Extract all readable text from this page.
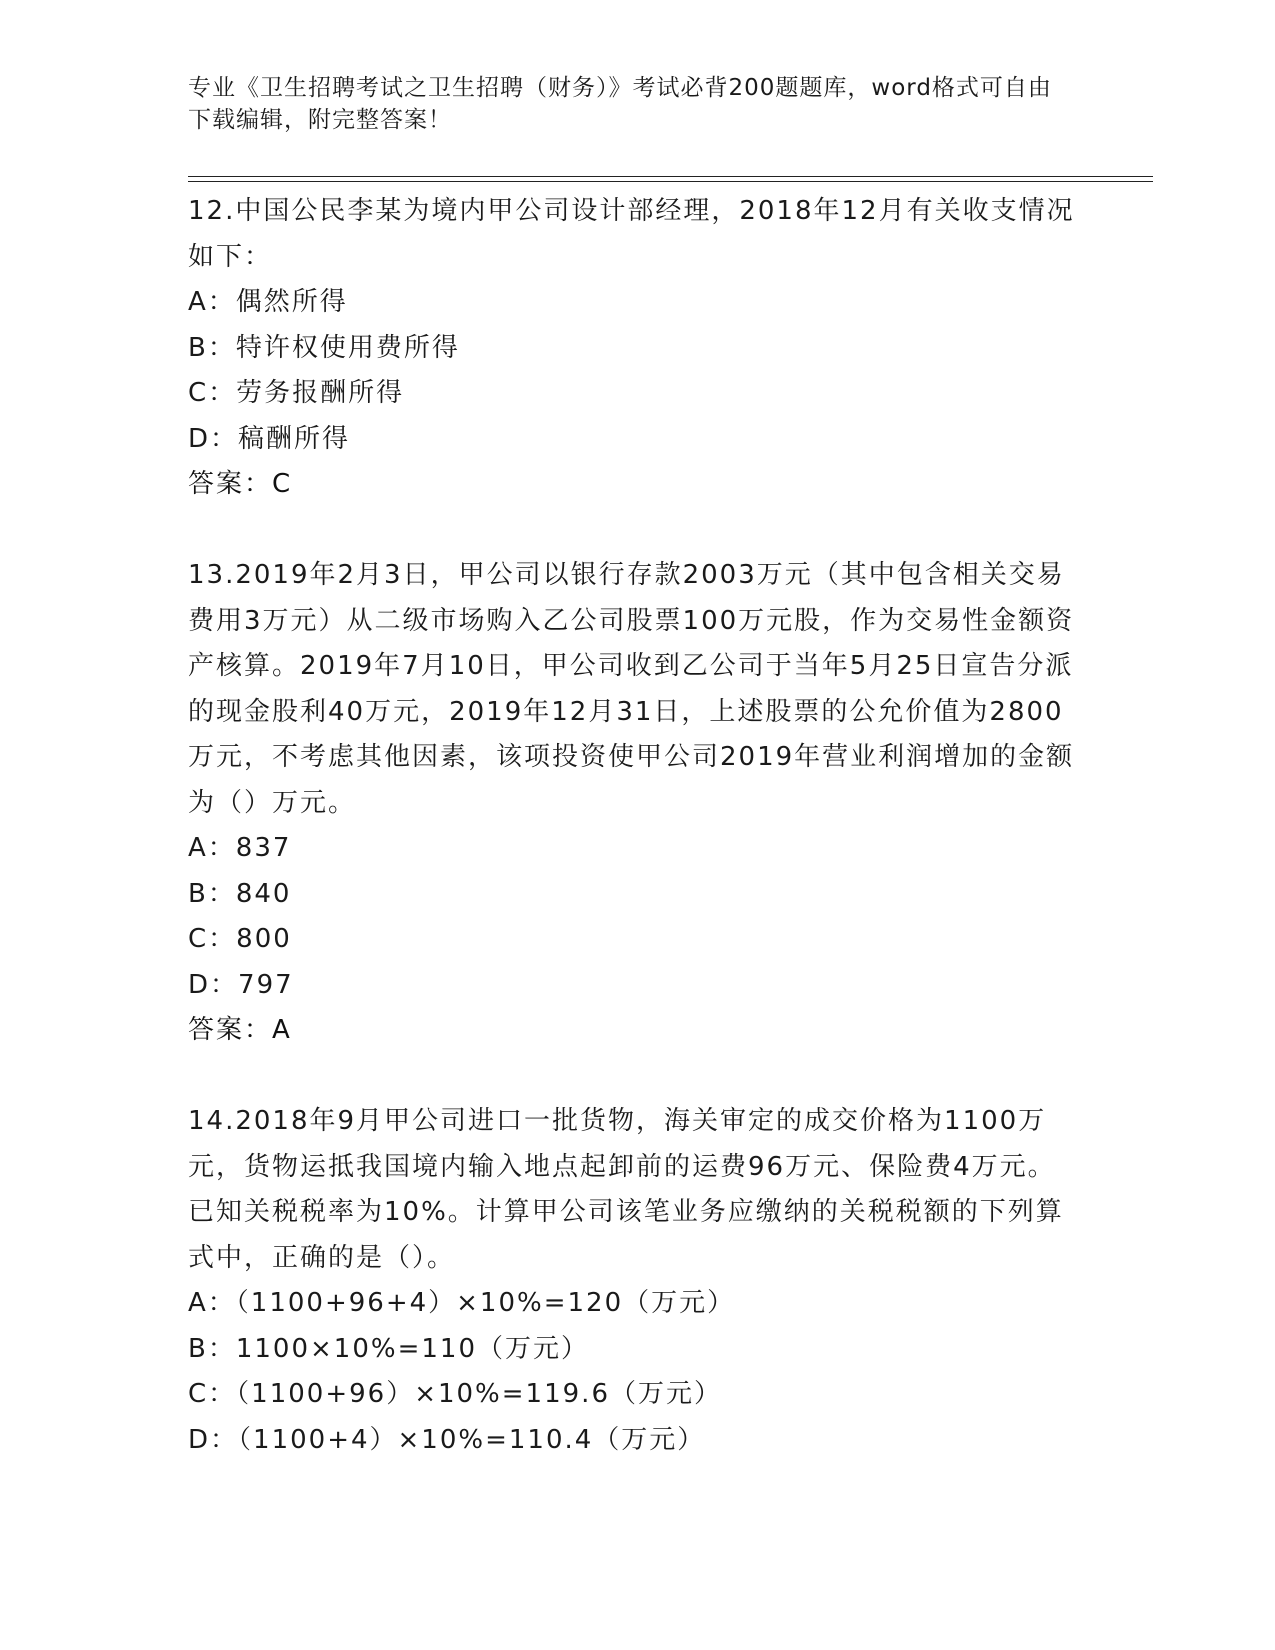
专业《卫生招聘考试之卫生招聘（财务）》考试必背200题题库，word格式可自由下载编辑，附完整答案！

12.中国公民李某为境内甲公司设计部经理，2018年12月有关收支情况如下：

A：偶然所得

B：特许权使用费所得

C：劳务报酬所得

D：稿酬所得

答案：C

13.2019年2月3日，甲公司以银行存款2003万元（其中包含相关交易费用3万元）从二级市场购入乙公司股票100万元股，作为交易性金额资产核算。2019年7月10日，甲公司收到乙公司于当年5月25日宣告分派的现金股利40万元，2019年12月31日，上述股票的公允价值为2800万元，不考虑其他因素，该项投资使甲公司2019年营业利润增加的金额为（）万元。

A：837

B：840

C：800

D：797

答案：A

14.2018年9月甲公司进口一批货物，海关审定的成交价格为1100万元，货物运抵我国境内输入地点起卸前的运费96万元、保险费4万元。已知关税税率为10%。计算甲公司该笔业务应缴纳的关税税额的下列算式中，正确的是（）。

A：（1100+96+4）×10%=120（万元）

B：1100×10%=110（万元）

C：（1100+96）×10%=119.6（万元）

D：（1100+4）×10%=110.4（万元）
